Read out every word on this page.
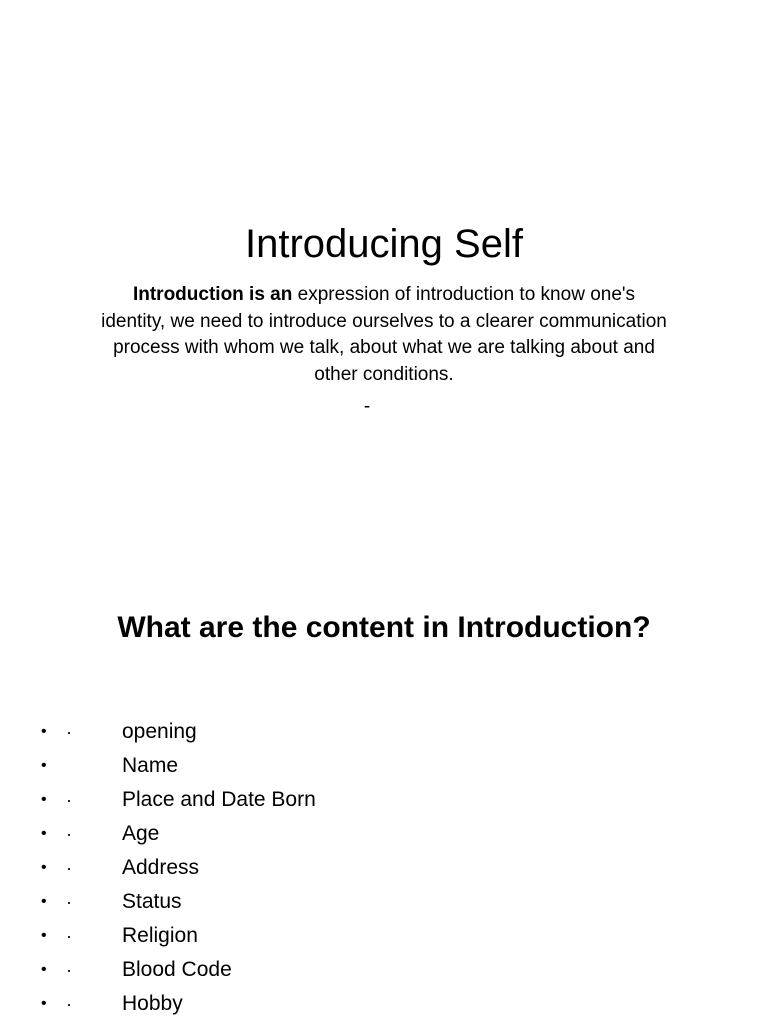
Introducing Self

Introduction is an expression of introduction to know one's identity, we need to introduce ourselves to a clearer communication process with whom we talk, about what we are talking about and other conditions.

-
What are the content in Introduction?
•	· opening
•	Name
•	· Place and Date Born
•	· Age
•	· Address
•	· Status
•	· Religion
•	· Blood Code
•	· Hobby
